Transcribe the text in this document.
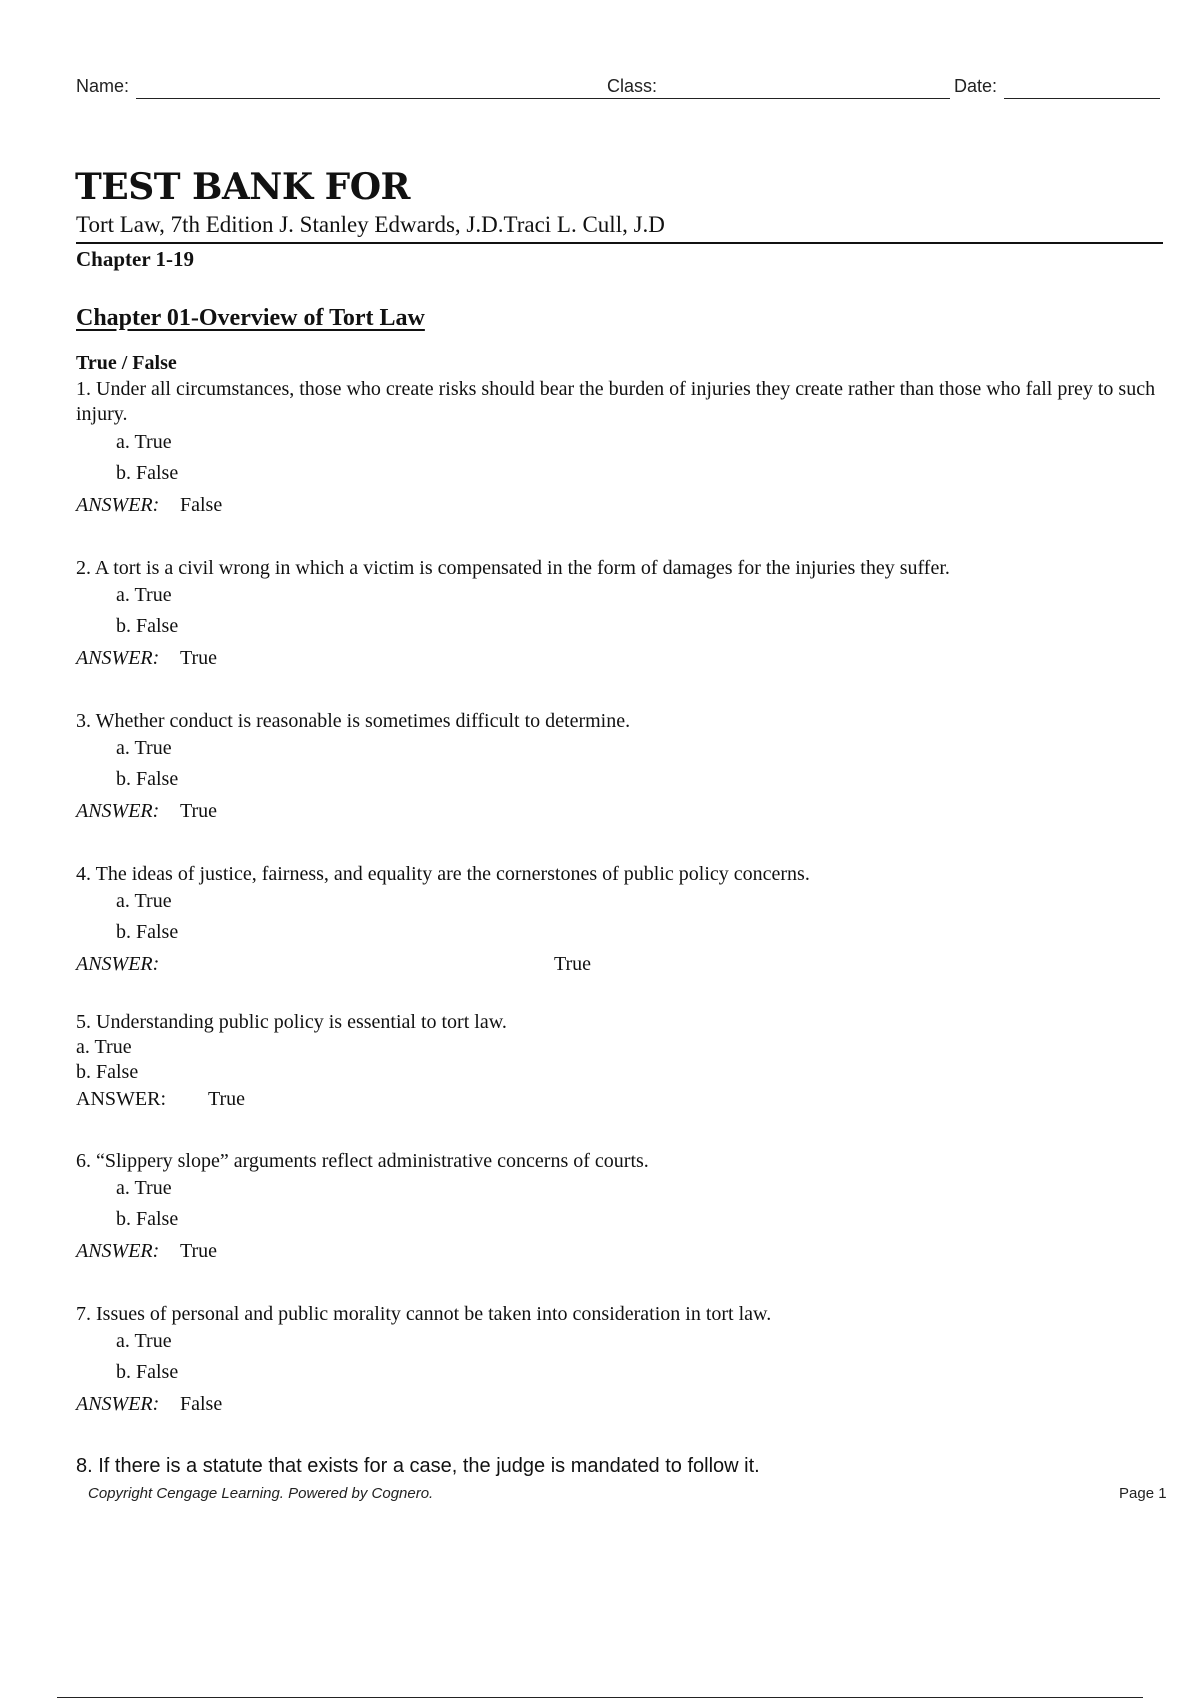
Name:	Class:	Date:
TEST BANK FOR
Tort Law, 7th Edition J. Stanley Edwards, J.D.Traci L. Cull, J.D
Chapter 1-19
Chapter 01-Overview of Tort Law
True / False
1. Under all circumstances, those who create risks should bear the burden of injuries they create rather than those who fall prey to such injury.
a. True
b. False
ANSWER: False
2. A tort is a civil wrong in which a victim is compensated in the form of damages for the injuries they suffer.
a. True
b. False
ANSWER: True
3. Whether conduct is reasonable is sometimes difficult to determine.
a. True
b. False
ANSWER: True
4. The ideas of justice, fairness, and equality are the cornerstones of public policy concerns.
a. True
b. False
ANSWER:	True
5. Understanding public policy is essential to tort law.
a. True
b. False
ANSWER: True
6. “Slippery slope” arguments reflect administrative concerns of courts.
a. True
b. False
ANSWER: True
7. Issues of personal and public morality cannot be taken into consideration in tort law.
a. True
b. False
ANSWER: False
8. If there is a statute that exists for a case, the judge is mandated to follow it.
Copyright Cengage Learning. Powered by Cognero.	Page 1
